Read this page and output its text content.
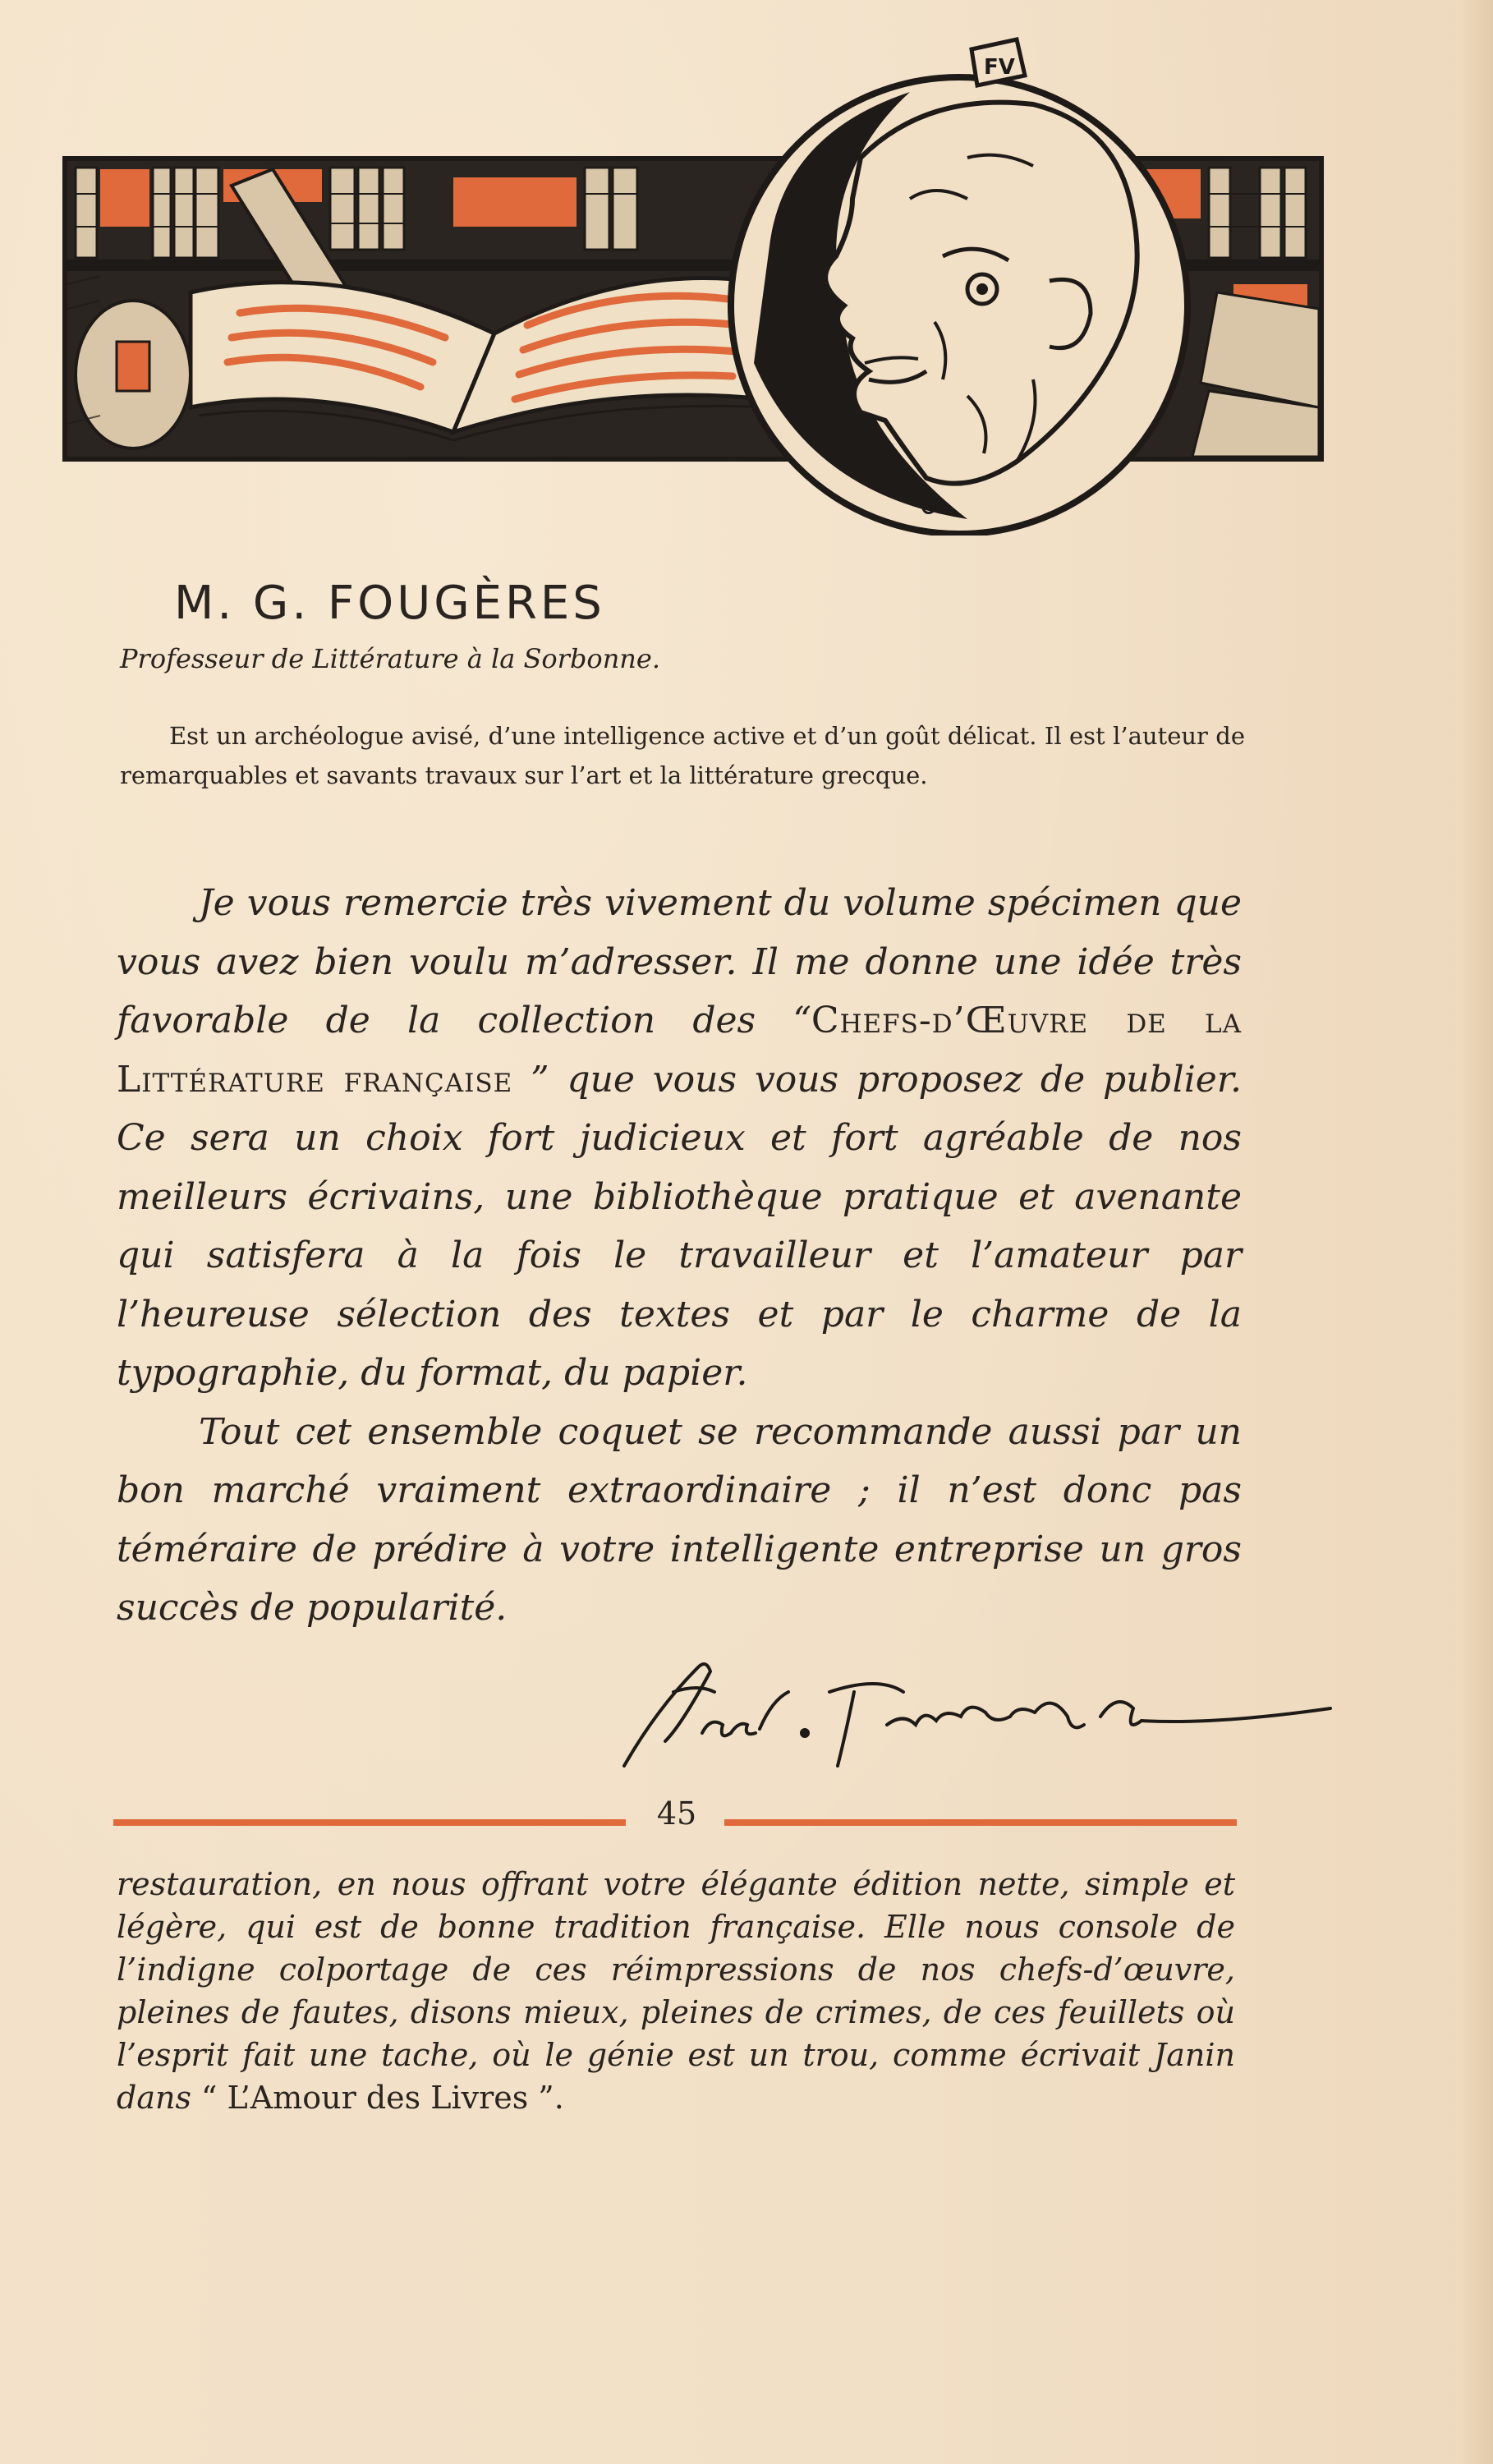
FV
M. G. FOUGÈRES
Professeur de Littérature à la Sorbonne.
Est un archéologue avisé, d’une intelligence active et d’un goût délicat. Il est l’auteur de remarquables et savants travaux sur l’art et la littérature grecque.

Je vous remercie très vivement du volume spécimen que vous avez bien voulu m’adresser. Il me donne une idée très favorable de la collection des “Chefs-d’Œuvre de la Littérature française ” que vous vous proposez de publier. Ce sera un choix fort judicieux et fort agréable de nos meilleurs écrivains, une bibliothèque pratique et avenante qui satisfera à la fois le travailleur et l’amateur par l’heureuse sélection des textes et par le charme de la typographie, du format, du papier.

Tout cet ensemble coquet se recommande aussi par un bon marché vraiment extraordinaire ; il n’est donc pas téméraire de prédire à votre intelligente entreprise un gros succès de popularité.

45
restauration, en nous offrant votre élégante édition nette, simple et légère, qui est de bonne tradition française. Elle nous console de l’indigne colportage de ces réimpressions de nos chefs-d’œuvre, pleines de fautes, disons mieux, pleines de crimes, de ces feuillets où l’esprit fait une tache, où le génie est un trou, comme écrivait Janin dans “ L’Amour des Livres ”.
